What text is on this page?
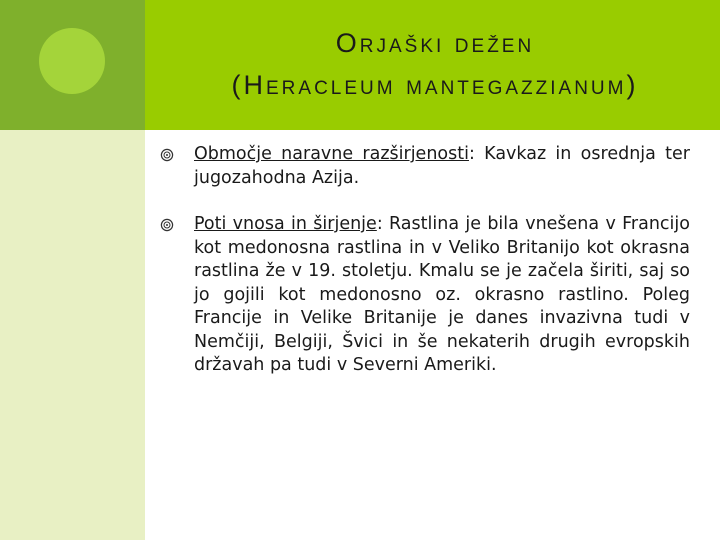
Orjaški dežen
(Heracleum mantegazzianum)
Območje naravne razširjenosti: Kavkaz in osrednja ter jugozahodna Azija.
Poti vnosa in širjenje: Rastlina je bila vnešena v Francijo kot medonosna rastlina in v Veliko Britanijo kot okrasna rastlina že v 19. stoletju. Kmalu se je začela širiti, saj so jo gojili kot medonosno oz. okrasno rastlino. Poleg Francije in Velike Britanije je danes invazivna tudi v Nemčiji, Belgiji, Švici in še nekaterih drugih evropskih državah pa tudi v Severni Ameriki.
